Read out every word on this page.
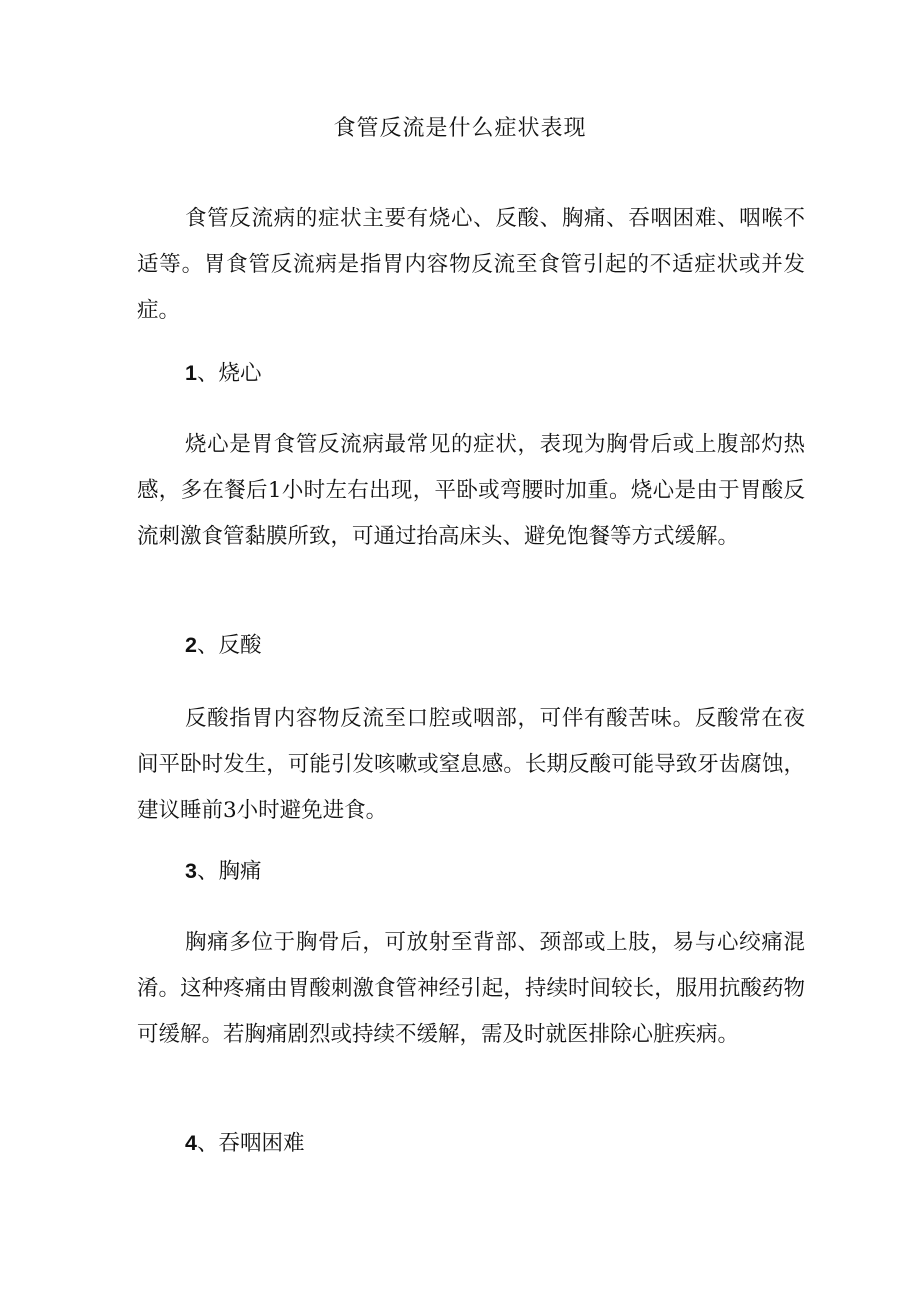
食管反流是什么症状表现

食管反流病的症状主要有烧心、反酸、胸痛、吞咽困难、咽喉不适等。胃食管反流病是指胃内容物反流至食管引起的不适症状或并发症。

1、烧心

烧心是胃食管反流病最常见的症状，表现为胸骨后或上腹部灼热感，多在餐后1小时左右出现，平卧或弯腰时加重。烧心是由于胃酸反流刺激食管黏膜所致，可通过抬高床头、避免饱餐等方式缓解。

2、反酸

反酸指胃内容物反流至口腔或咽部，可伴有酸苦味。反酸常在夜间平卧时发生，可能引发咳嗽或窒息感。长期反酸可能导致牙齿腐蚀，建议睡前3小时避免进食。

3、胸痛

胸痛多位于胸骨后，可放射至背部、颈部或上肢，易与心绞痛混淆。这种疼痛由胃酸刺激食管神经引起，持续时间较长，服用抗酸药物可缓解。若胸痛剧烈或持续不缓解，需及时就医排除心脏疾病。

4、吞咽困难
